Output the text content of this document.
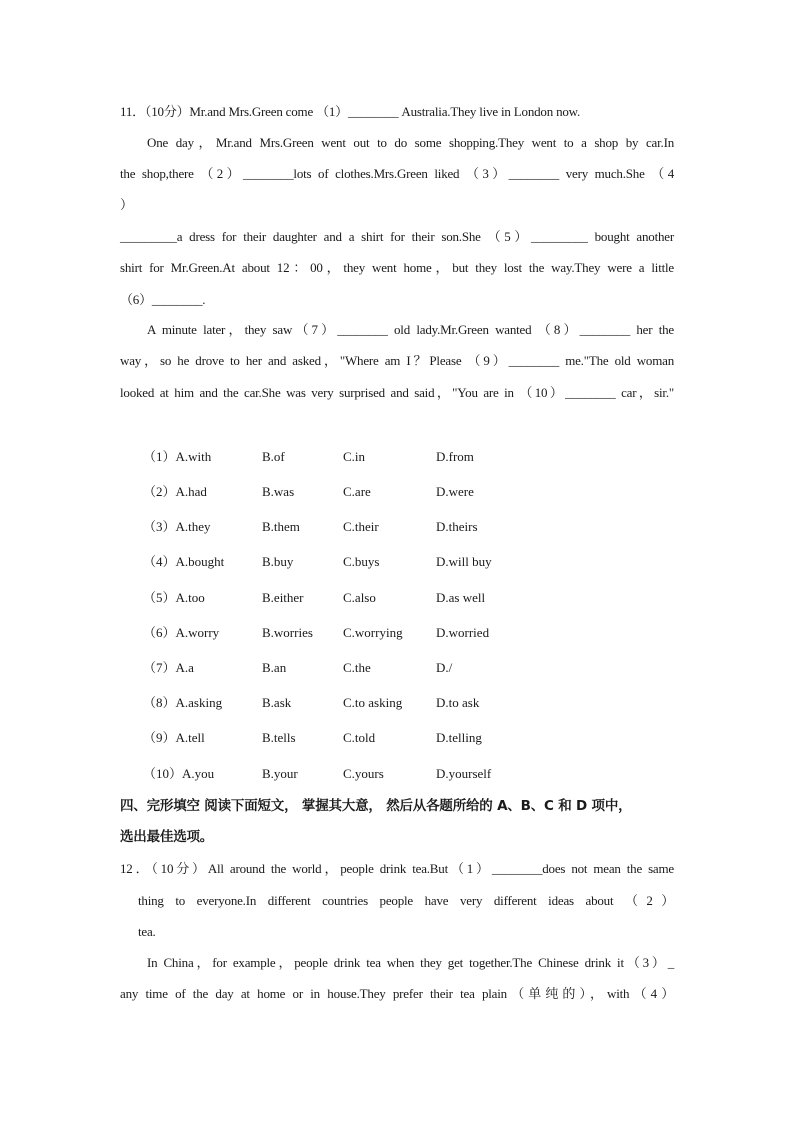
11．（10分）Mr.and Mrs.Green come （1）________ Australia.They live in London now.
One day，Mr.and Mrs.Green went out to do some shopping.They went to a shop by car.In
the shop,there （2）________lots of clothes.Mrs.Green liked （3）________ very much.She （4
）
_________a dress for their daughter and a shirt for their son.She （5）_________ bought another
shirt for Mr.Green.At about 12：00，they went home，but they lost the way.They were a little
（6）________.
A minute later，they saw（7）________ old lady.Mr.Green wanted （8）________ her the
way，so he drove to her and asked，"Where am I？Please （9）________ me."The old woman
looked at him and the car.She was very surprised and said，"You are in （10）________ car，sir."
（1）A.with	B.of	C.in	D.from
（2）A.had	B.was	C.are	D.were
（3）A.they	B.them	C.their	D.theirs
（4）A.bought	B.buy	C.buys	D.will buy
（5）A.too	B.either	C.also	D.as well
（6）A.worry	B.worries C.worrying	D.worried
（7）A.a	B.an	C.the	D./
（8）A.asking	B.ask	C.to asking	D.to ask
（9）A.tell	B.tells	C.told	D.telling
（10）A.you	B.your	C.yours	D.yourself
四、完形填空 阅读下面短文， 掌握其大意， 然后从各题所给的 A、B、C 和 D 项中，
选出最佳选项。
12．（10分）All around the world，people drink tea.But（1）________does not mean the same
thing to everyone.In different countries people have very different ideas about （2）
tea.
In China，for example，people drink tea when they get together.The Chinese drink it（3）_
any time of the day at home or in house.They prefer their tea plain（单纯的），with（4）
